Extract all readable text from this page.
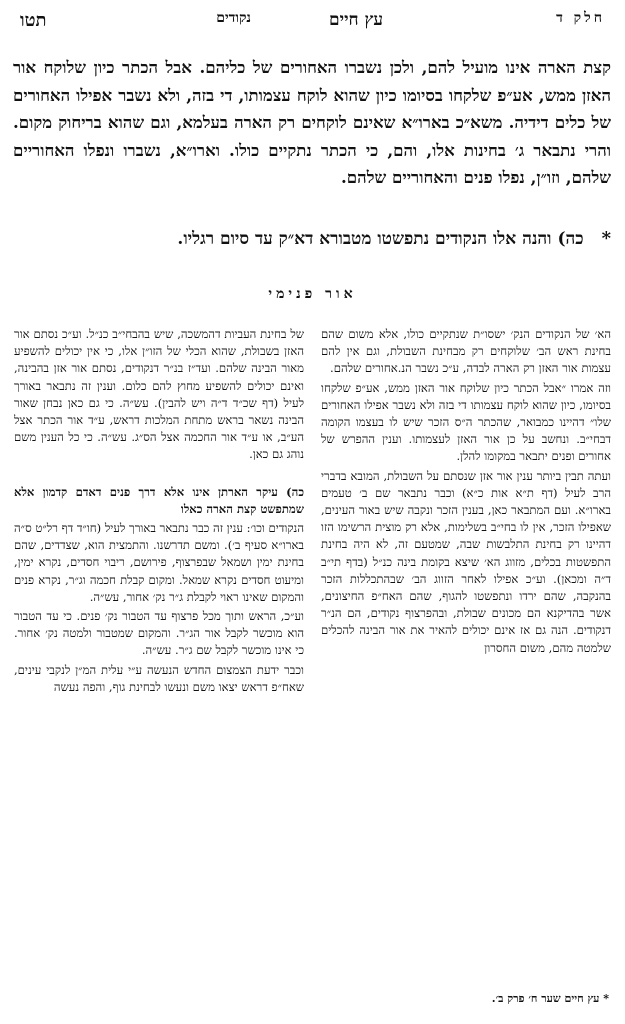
חלק ד
עץ חיים
נקודים
תטו

קצת הארה אינו מועיל להם, ולכן נשברו האחורים של כליהם. אבל הכתר כיון שלוקח אור האזן ממש, אע״פ שלקחו בסיומו כיון שהוא לוקח עצמותו, די בזה, ולא נשבר אפילו האחורים של כלים דידיה. משא״כ בארו״א שאינם לוקחים רק הארה בעלמא, וגם שהוא בריחוק מקום. והרי נתבאר ג׳ בחינות אלו, והם, כי הכתר נתקיים כולו. וארו״א, נשברו ונפלו האחוריים שלהם, וזו״ן, נפלו פנים והאחוריים שלהם.

*כה) והנה אלו הנקודים נתפשטו מטבורא דא״ק עד סיום רגליו.

אור פנימי

הא׳ של הנקודים הנק׳ ישסו״ת שנתקיים כולו, אלא משום שהם בחינת ראש הב׳ שלוקחים רק מבחינת השבולת, וגם אין להם עצמות אור האזן רק הארה לבדה, ע״כ נשבר הנ.אחורים שלהם.

וזה אמרו ״אבל הכתר כיון שלוקח אור האזן ממש, אע״פ שלקחו בסיומו, כיון שהוא לוקח עצמותו די בזה ולא נשבר אפילו האחורים שלו״ דהיינו כמבואר, שהכתר ה״ס הזכר שיש לו בעצמו הקומה דבחי״ב. ונחשב על כן אור האזן לעצמותו. וענין ההפרש של אחורים ופנים יתבאר במקומו להלן.

ועתה תבין ביותר ענין אור אזן שנסתם על השבולת, המובא בדברי הרב לעיל (דף ת״א אות כ״א) וכבר נתבאר שם ב׳ טעמים בארו״א. ועם המתבאר כאן, בענין הזכר ונקבה שיש באור העינים, שאפילו הזכר, אין לו בחי״ב בשלימות, אלא רק מוצית הרשימו הזו דהיינו רק בחינת התלבשות שבה, שמטעם זה, לא היה בחינת התפשטות בכלים, מזווג הא׳ שיצא בקומת בינה כנ״ל (בדף תי״ב ד״ה ומכאן). וע״כ אפילו לאחר הזווג הב׳ שבהתכללות הזכר בהנקבה, שהם ירדו ונתפשטו להגוף, שהם האח״פ החיצונים, אשר בהדיקנא הם מכונים שבולת, ובהפרצוף נקודים, הם הנ״ר דנקודים. הנה גם אז אינם יכולים להאיר את אור הבינה להכלים שלמטה מהם, משום החסרון

של בחינת העביות דהמשכה, שיש בהבחי״ב כנ״ל. וע״כ נסתם אור האזן בשבולת, שהוא הכלי של הזו״ן אלו, כי אין יכולים להשפיע מאור הבינה שלהם. ועד״ז בנ״ר דנקודים, נסתם אור אזן בהבינה, ואינם יכולים להשפיע מחוץ להם כלום. וענין זה נתבאר באורך לעיל (דף שכ״ד ד״ה ויש להבין). עש״ה. כי גם כאן נבחן שאור הבינה נשאר בראש מתחת המלכות דראש, ע״ד אור הכתר אצל הע״ב, או ע״ד אור החכמה אצל הס״ג. עש״ה. כי כל הענין משם נוהג גם כאן.

כה) עיקר הארתן אינו אלא דרך פנים דאדם קדמון אלא שמתפשט קצת הארה כאלו

הנקודים וכו׳: ענין זה כבר נתבאר באורך לעיל (חו״ד דף רל״ט ס״ה בארו״א סעיף ב׳). ומשם תדרשנו. והתמצית הוא, שצדדים, שהם בחינת ימין ושמאל שבפרצוף, פירושם, ריבוי חסדים, נקרא ימין, ומיעוט חסדים נקרא שמאל. ומקום קבלת חכמה וג״ר, נקרא פנים והמקום שאינו ראוי לקבלת ג״ר נק׳ אחור, עש״ה.

וע״כ, הראש ותוך מכל פרצוף עד הטבור נק׳ פנים. כי עד הטבור הוא מוכשר לקבל אור הג״ר. והמקום שמטבור ולמטה נק׳ אחור. כי אינו מוכשר לקבל שם ג״ר. עש״ה.

וכבר ידעת הצמצום החדש הנעשה ע״י עלית המ״ן לנקבי עינים, שאח״פ דראש יצאו משם ונעשו לבחינת גוף, והפה נעשה

* עץ חיים שער ח׳ פרק ב׳.
